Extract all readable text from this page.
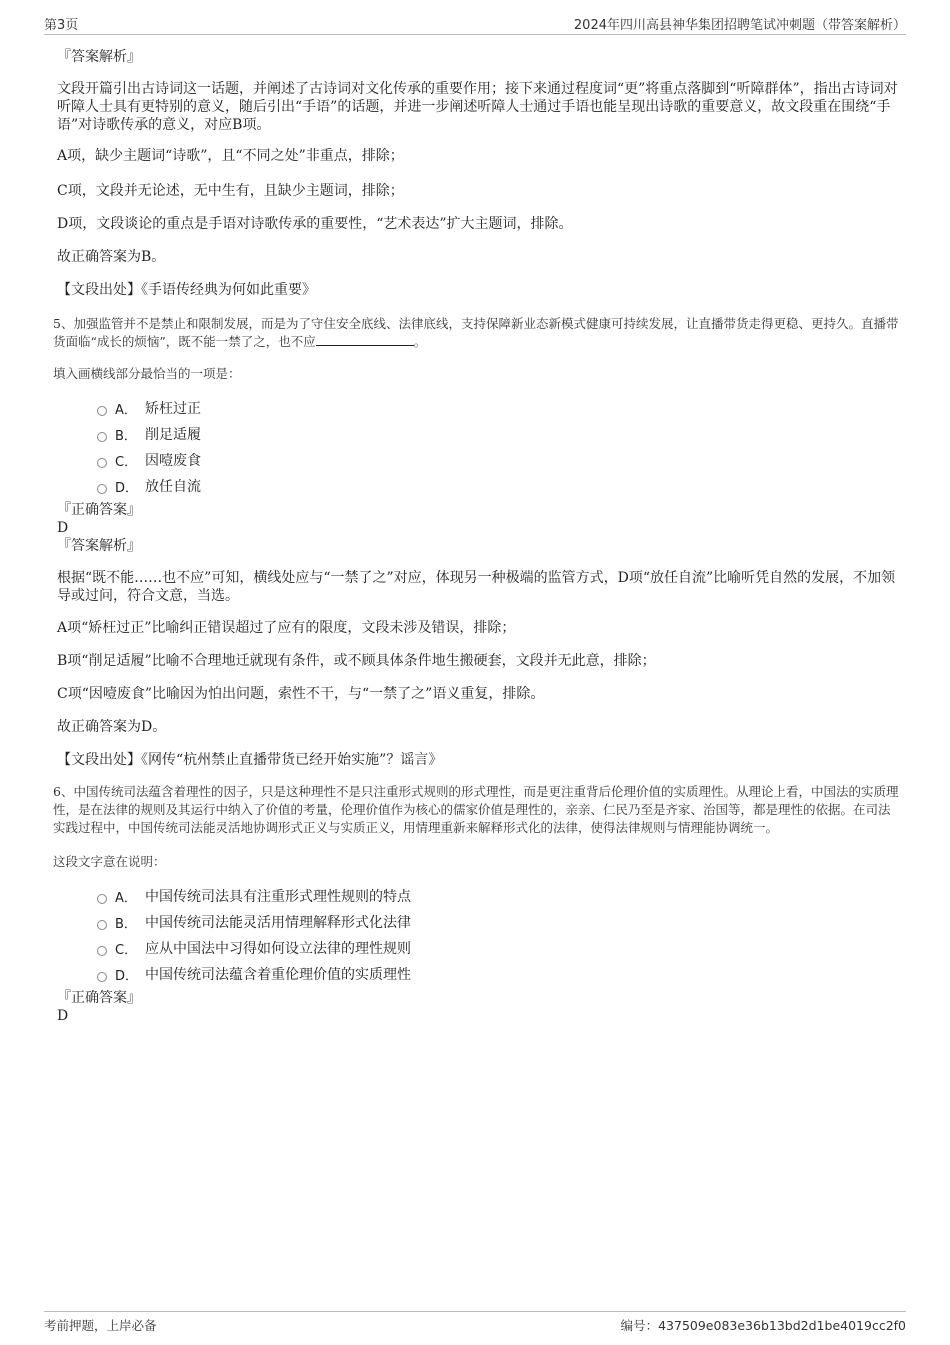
第3页	2024年四川高县神华集团招聘笔试冲刺题（带答案解析）

『答案解析』

文段开篇引出古诗词这一话题，并阐述了古诗词对文化传承的重要作用；接下来通过程度词“更”将重点落脚到“听障群体”，指出古诗词对听障人士具有更特别的意义，随后引出“手语”的话题，并进一步阐述听障人士通过手语也能呈现出诗歌的重要意义，故文段重在围绕“手语”对诗歌传承的意义，对应B项。

A项，缺少主题词“诗歌”，且“不同之处”非重点，排除；

C项，文段并无论述，无中生有，且缺少主题词，排除；

D项，文段谈论的重点是手语对诗歌传承的重要性，“艺术表达”扩大主题词，排除。

故正确答案为B。

【文段出处】《手语传经典为何如此重要》

5、加强监管并不是禁止和限制发展，而是为了守住安全底线、法律底线，支持保障新业态新模式健康可持续发展，让直播带货走得更稳、更持久。直播带货面临“成长的烦恼”，既不能一禁了之，也不应	。

填入画横线部分最恰当的一项是：

A． 矫枉过正
B． 削足适履
C． 因噎废食
D． 放任自流

『正确答案』

D

『答案解析』

根据“既不能……也不应”可知，横线处应与“一禁了之”对应，体现另一种极端的监管方式，D项“放任自流”比喻听凭自然的发展，不加领导或过问，符合文意，当选。

A项“矫枉过正”比喻纠正错误超过了应有的限度，文段未涉及错误，排除；

B项“削足适履”比喻不合理地迁就现有条件，或不顾具体条件地生搬硬套，文段并无此意，排除；

C项“因噎废食”比喻因为怕出问题，索性不干，与“一禁了之”语义重复，排除。

故正确答案为D。

【文段出处】《网传“杭州禁止直播带货已经开始实施”？谣言》

6、中国传统司法蕴含着理性的因子，只是这种理性不是只注重形式规则的形式理性，而是更注重背后伦理价值的实质理性。从理论上看，中国法的实质理性，是在法律的规则及其运行中纳入了价值的考量，伦理价值作为核心的儒家价值是理性的，亲亲、仁民乃至是齐家、治国等，都是理性的依据。在司法实践过程中，中国传统司法能灵活地协调形式正义与实质正义，用情理重新来解释形式化的法律，使得法律规则与情理能协调统一。

这段文字意在说明：

A． 中国传统司法具有注重形式理性规则的特点
B． 中国传统司法能灵活用情理解释形式化法律
C． 应从中国法中习得如何设立法律的理性规则
D． 中国传统司法蕴含着重伦理价值的实质理性

『正确答案』

D

考前押题，上岸必备	编号：437509e083e36b13bd2d1be4019cc2f0
